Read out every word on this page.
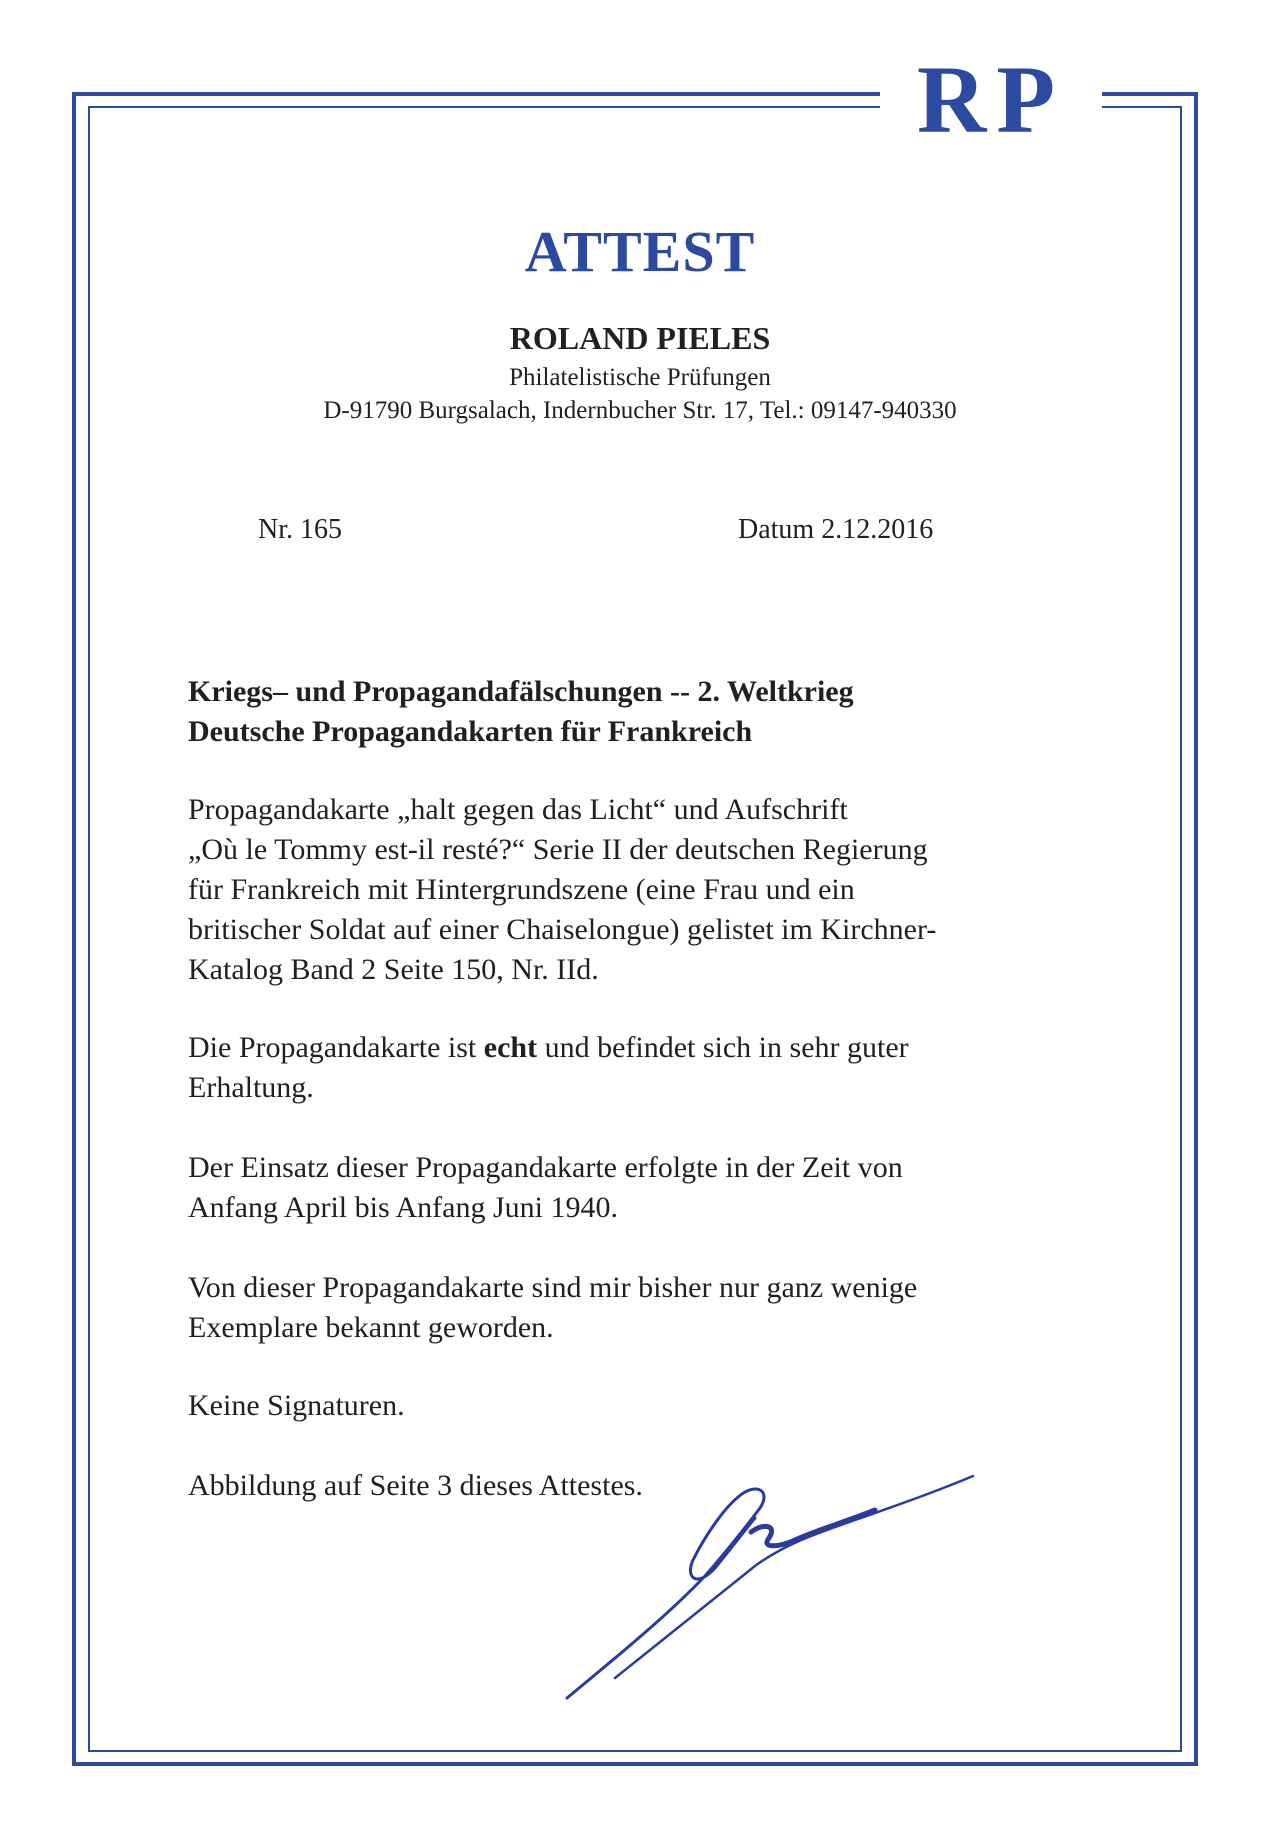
RP
ATTEST
ROLAND PIELES
Philatelistische Prüfungen
D-91790 Burgsalach, Indernbucher Str. 17, Tel.: 09147-940330
Nr. 165	Datum 2.12.2016
Kriegs– und Propagandafälschungen -- 2. Weltkrieg
Deutsche Propagandakarten für Frankreich
Propagandakarte „halt gegen das Licht“ und Aufschrift
„Où le Tommy est-il resté?“ Serie II der deutschen Regierung
für Frankreich mit Hintergrundszene (eine Frau und ein
britischer Soldat auf einer Chaiselongue) gelistet im Kirchner-
Katalog Band 2 Seite 150, Nr. IId.
Die Propagandakarte ist echt und befindet sich in sehr guter
Erhaltung.
Der Einsatz dieser Propagandakarte erfolgte in der Zeit von
Anfang April bis Anfang Juni 1940.
Von dieser Propagandakarte sind mir bisher nur ganz wenige
Exemplare bekannt geworden.
Keine Signaturen.
Abbildung auf Seite 3 dieses Attestes.
